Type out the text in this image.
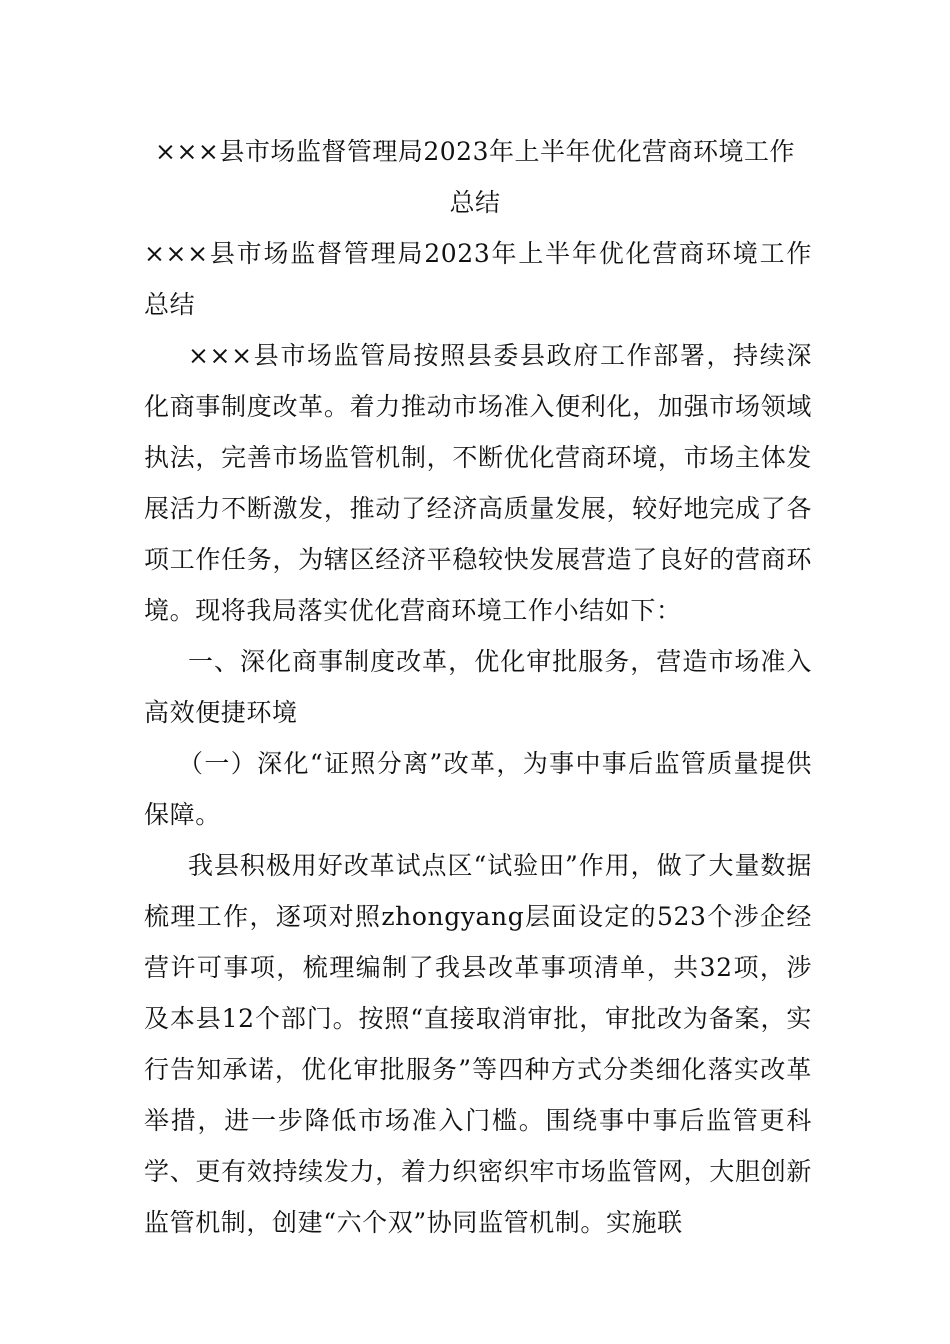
×××县市场监督管理局2023年上半年优化营商环境工作
总结

×××县市场监督管理局2023年上半年优化营商环境工作总结

×××县市场监管局按照县委县政府工作部署，持续深化商事制度改革。着力推动市场准入便利化，加强市场领域执法，完善市场监管机制，不断优化营商环境，市场主体发展活力不断激发，推动了经济高质量发展，较好地完成了各项工作任务，为辖区经济平稳较快发展营造了良好的营商环境。现将我局落实优化营商环境工作小结如下：

一、深化商事制度改革，优化审批服务，营造市场准入高效便捷环境

（一）深化“证照分离”改革，为事中事后监管质量提供保障。

我县积极用好改革试点区“试验田”作用，做了大量数据梳理工作，逐项对照zhongyang层面设定的523个涉企经营许可事项，梳理编制了我县改革事项清单，共32项，涉及本县12个部门。按照“直接取消审批，审批改为备案，实行告知承诺，优化审批服务”等四种方式分类细化落实改革举措，进一步降低市场准入门槛。围绕事中事后监管更科学、更有效持续发力，着力织密织牢市场监管网，大胆创新监管机制，创建“六个双”协同监管机制。实施联
